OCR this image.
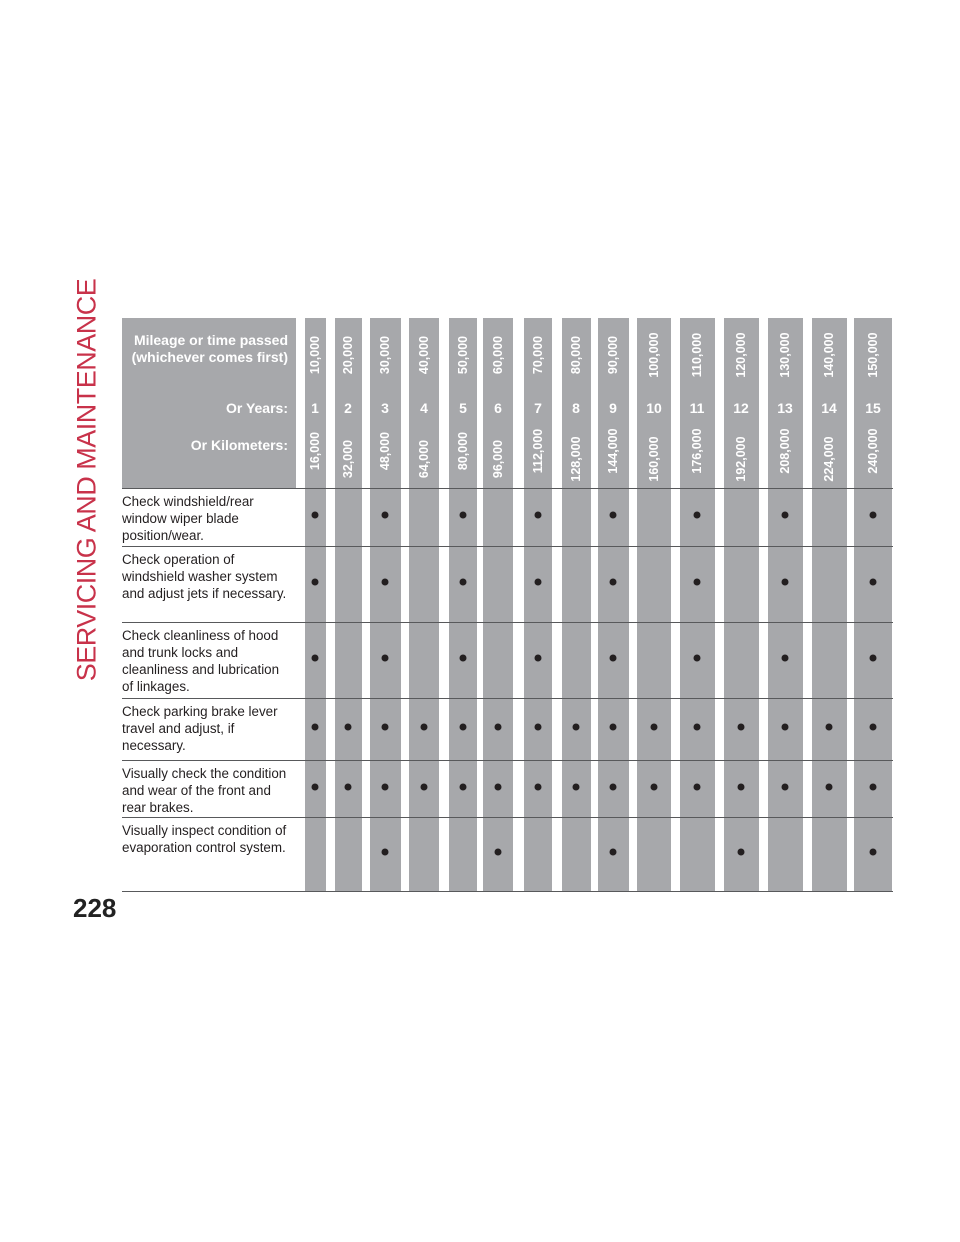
SERVICING AND MAINTENANCE	Mileage or time passed (whichever comes first)
Or Years:
Or Kilometers:
10,000
1
16,000
20,000
2
32,000
30,000
3
48,000
40,000
4
64,000
50,000
5
80,000
60,000
6
96,000
70,000
7
112,000
80,000
8
128,000
90,000
9
144,000
100,000
10
160,000
110,000
11
176,000
120,000
12
192,000
130,000
13
208,000
140,000
14
224,000
150,000
15
240,000
Check windshield/rear window wiper blade position/wear.
Check operation of windshield washer system and adjust jets if necessary.
Check cleanliness of hood and trunk locks and cleanliness and lubrication of linkages.
Check parking brake lever travel and adjust, if necessary.
Visually check the condition and wear of the front and rear brakes.
Visually inspect condition of evaporation control system.
228
